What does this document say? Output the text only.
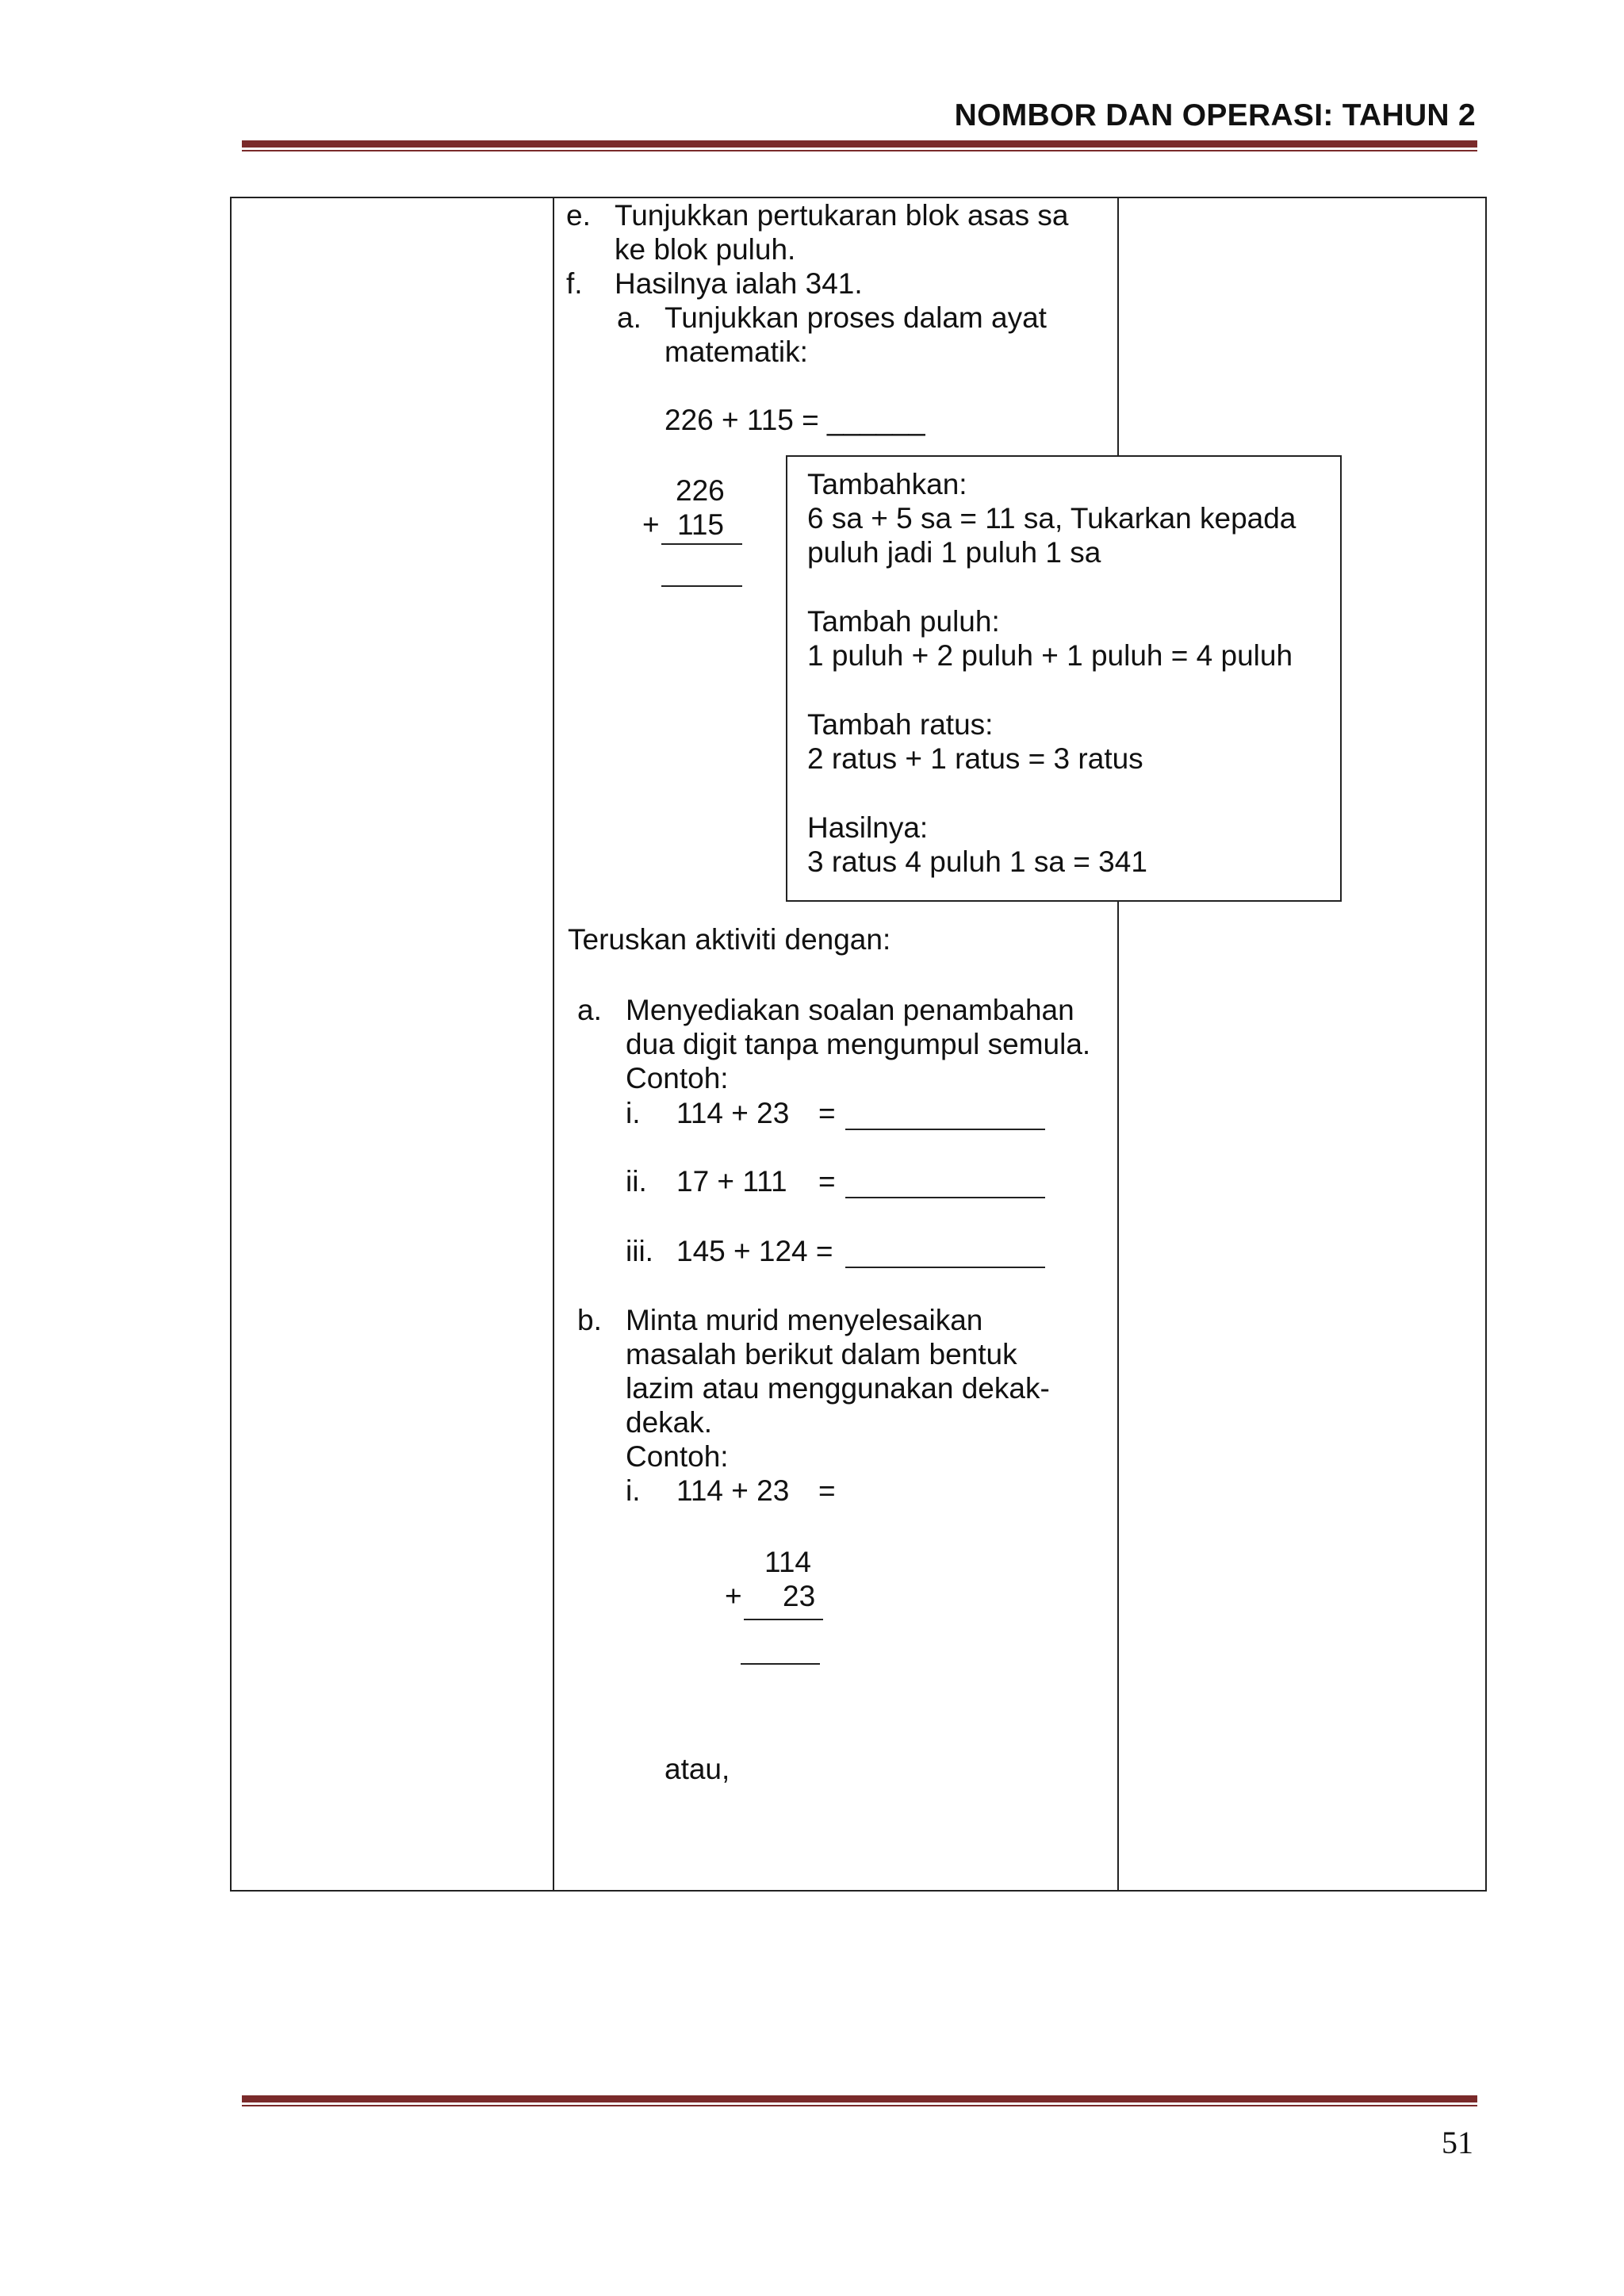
NOMBOR DAN OPERASI: TAHUN 2
e. Tunjukkan pertukaran blok asas sa
ke blok puluh.
f. Hasilnya ialah 341.
a. Tunjukkan proses dalam ayat
matematik:
226 + 115 = ______
226
+ 115
Tambahkan:
6 sa + 5 sa = 11 sa, Tukarkan kepada
puluh jadi 1 puluh 1 sa
Tambah puluh:
1 puluh + 2 puluh + 1 puluh = 4 puluh
Tambah ratus:
2 ratus + 1 ratus = 3 ratus
Hasilnya:
3 ratus 4 puluh 1 sa = 341
Teruskan aktiviti dengan:
a. Menyediakan soalan penambahan
dua digit tanpa mengumpul semula.
Contoh:
i. 114 + 23 =
ii. 17 + 111 =
iii. 145 + 124 =
b. Minta murid menyelesaikan
masalah berikut dalam bentuk
lazim atau menggunakan dekak-
dekak.
Contoh:
i. 114 + 23 =
114
+ 23
atau,
51
